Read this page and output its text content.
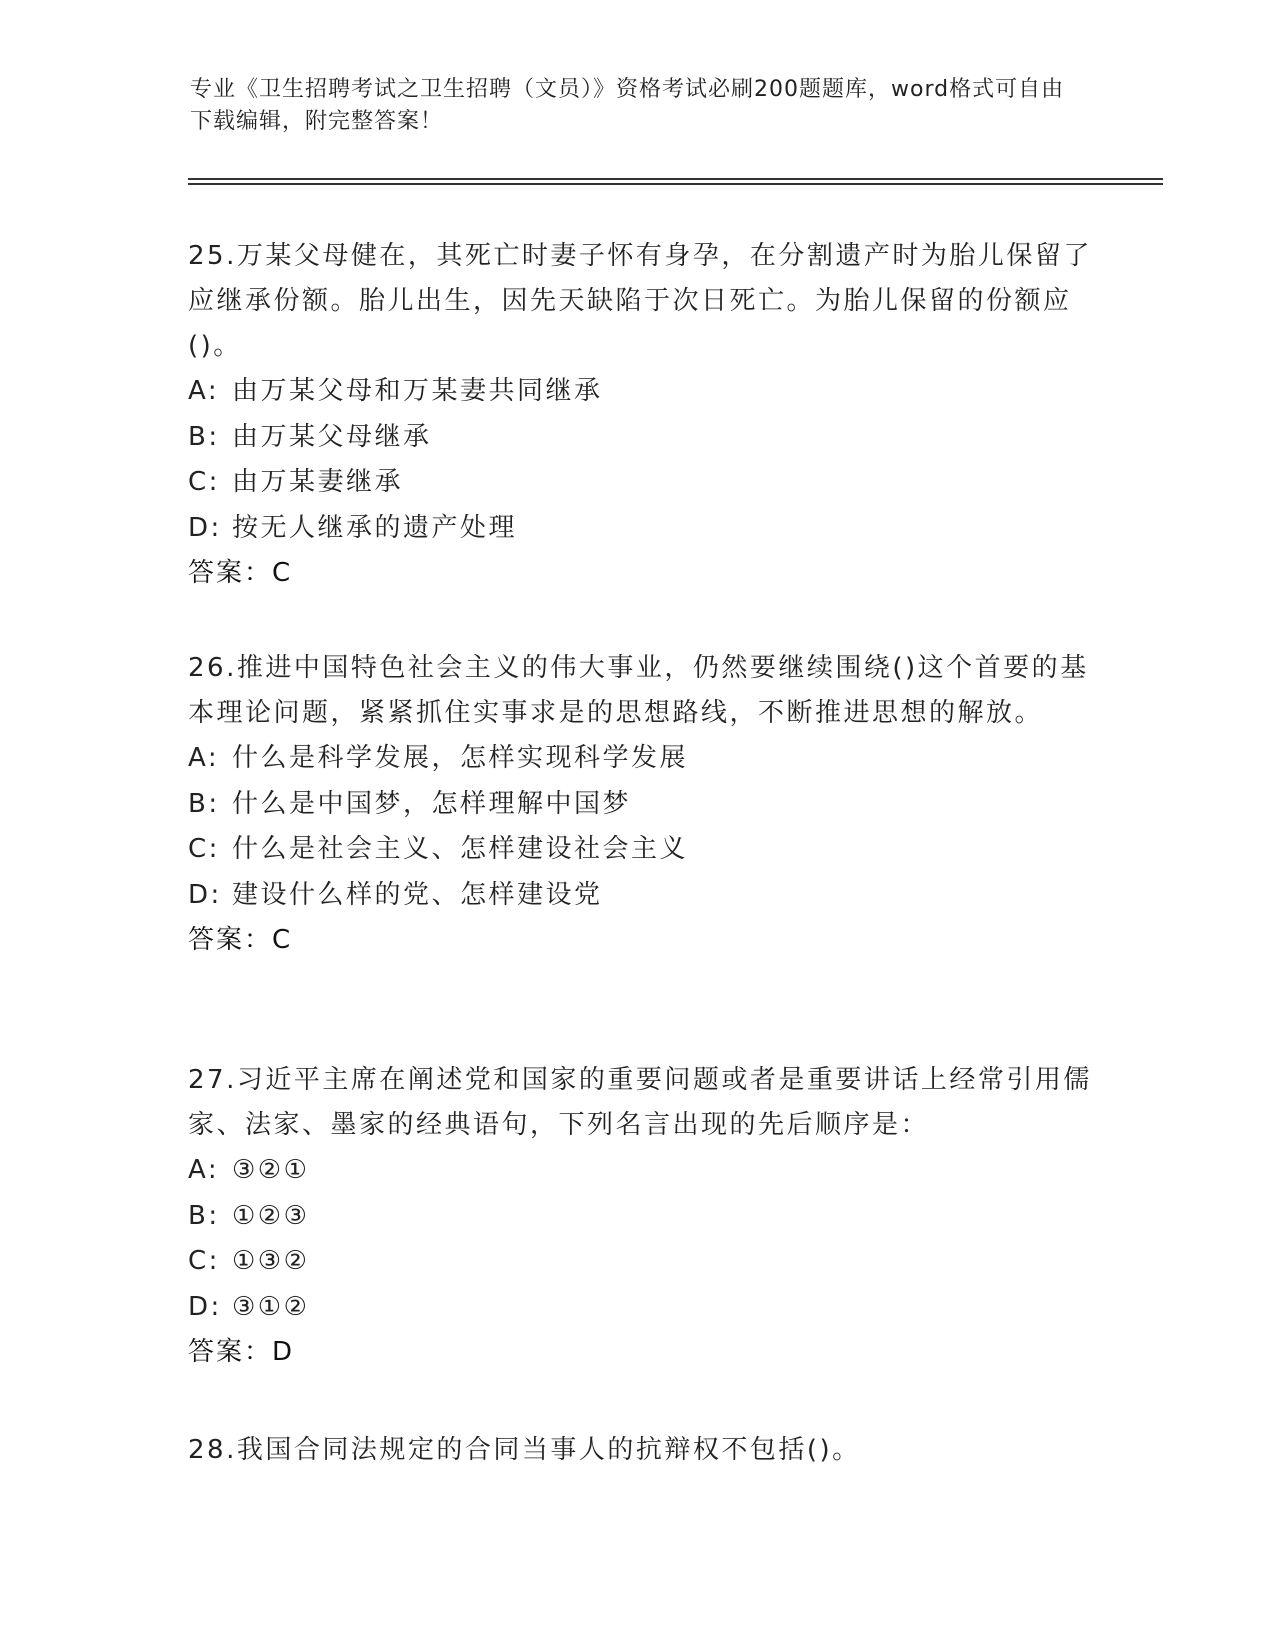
专业《卫生招聘考试之卫生招聘（文员）》资格考试必刷200题题库，word格式可自由下载编辑，附完整答案！

25.万某父母健在，其死亡时妻子怀有身孕，在分割遗产时为胎儿保留了应继承份额。胎儿出生，因先天缺陷于次日死亡。为胎儿保留的份额应()。

A: 由万某父母和万某妻共同继承
B: 由万某父母继承
C: 由万某妻继承
D: 按无人继承的遗产处理
答案：C

26.推进中国特色社会主义的伟大事业，仍然要继续围绕()这个首要的基本理论问题，紧紧抓住实事求是的思想路线，不断推进思想的解放。

A: 什么是科学发展，怎样实现科学发展
B: 什么是中国梦，怎样理解中国梦
C: 什么是社会主义、怎样建设社会主义
D: 建设什么样的党、怎样建设党
答案：C

27.习近平主席在阐述党和国家的重要问题或者是重要讲话上经常引用儒家、法家、墨家的经典语句，下列名言出现的先后顺序是：

A: ③②①
B: ①②③
C: ①③②
D: ③①②
答案：D

28.我国合同法规定的合同当事人的抗辩权不包括()。
